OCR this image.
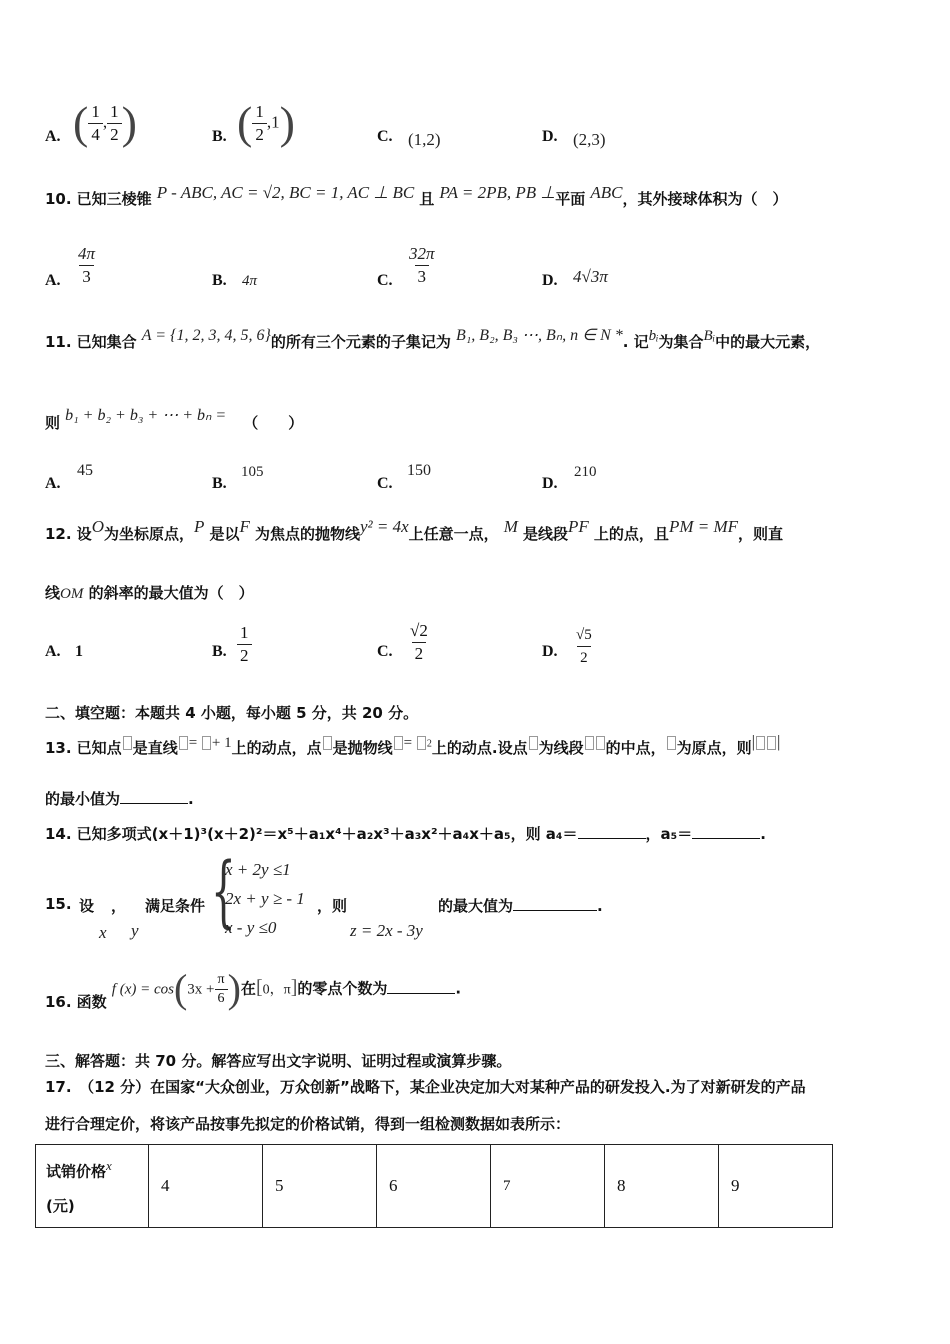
A. ( $\frac{1}{4}$ , $\frac{1}{2}$ )	B. ( $\frac{1}{2} ,1$)	C. (1,2)	D. (2,3)
10. 已知三棱锥 P - ABC, AC = √2, BC = 1, AC ⊥ BC 且 PA = 2PB, PB ⊥平面 ABC，其外接球体积为（　）
A. $\frac{4\pi}{3}$	B. 4π	C. $\frac{32\pi}{3}$	D. 4√3π
11. 已知集合 A = {1, 2, 3, 4, 5, 6}的所有三个元素的子集记为 B₁, B₂, B₃ ⋯, Bₙ, n ∈ N *. 记bᵢ为集合Bᵢ中的最大元素，
则 b₁ + b₂ + b₃ + ⋯ + bₙ = （　　）
A.
45
B.
105
C.
150
D.
210
12. 设O为坐标原点，P 是以F 为焦点的抛物线y² = 4x上任意一点， M 是线段PF 上的点，且PM = MF，则直
线OM 的斜率的最大值为（　）
A. 1	B. $\frac{1}{2}$	C. $\frac{√2}{2}$	D. $\frac{√5}{2}$
二、填空题：本题共 4 小题，每小题 5 分，共 20 分。
13. 已知点 是直线 = + 1上的动点，点 是抛物线 = $^2$上的动点.设点 为线段 的中点， 为原点，则| |
的最小值为	.
14. 已知多项式(x＋1)³(x＋2)²＝x⁵＋a₁x⁴＋a₂x³＋a₃x²＋a₄x＋a₅，则 a₄＝	，a₅＝	.
15. 设 ， 满足条件
x y {
x + 2y ≤1
2x + y ≥ - 1
x - y ≤0
，则
z = 2x - 3y
的最大值为	.
16. 函数 f $(x) = \cos(3x + \frac{\pi}{6}$ )在[0，π]的零点个数为	.
三、解答题：共 70 分。解答应写出文字说明、证明过程或演算步骤。
17.　（12 分）在国家“大众创业，万众创新”战略下，某企业决定加大对某种产品的研发投入.为了对新研发的产品
进行合理定价，将该产品按事先拟定的价格试销，得到一组检测数据如表所示：
试销价格$^x$
(元)
	4	5	6	7	8	9
